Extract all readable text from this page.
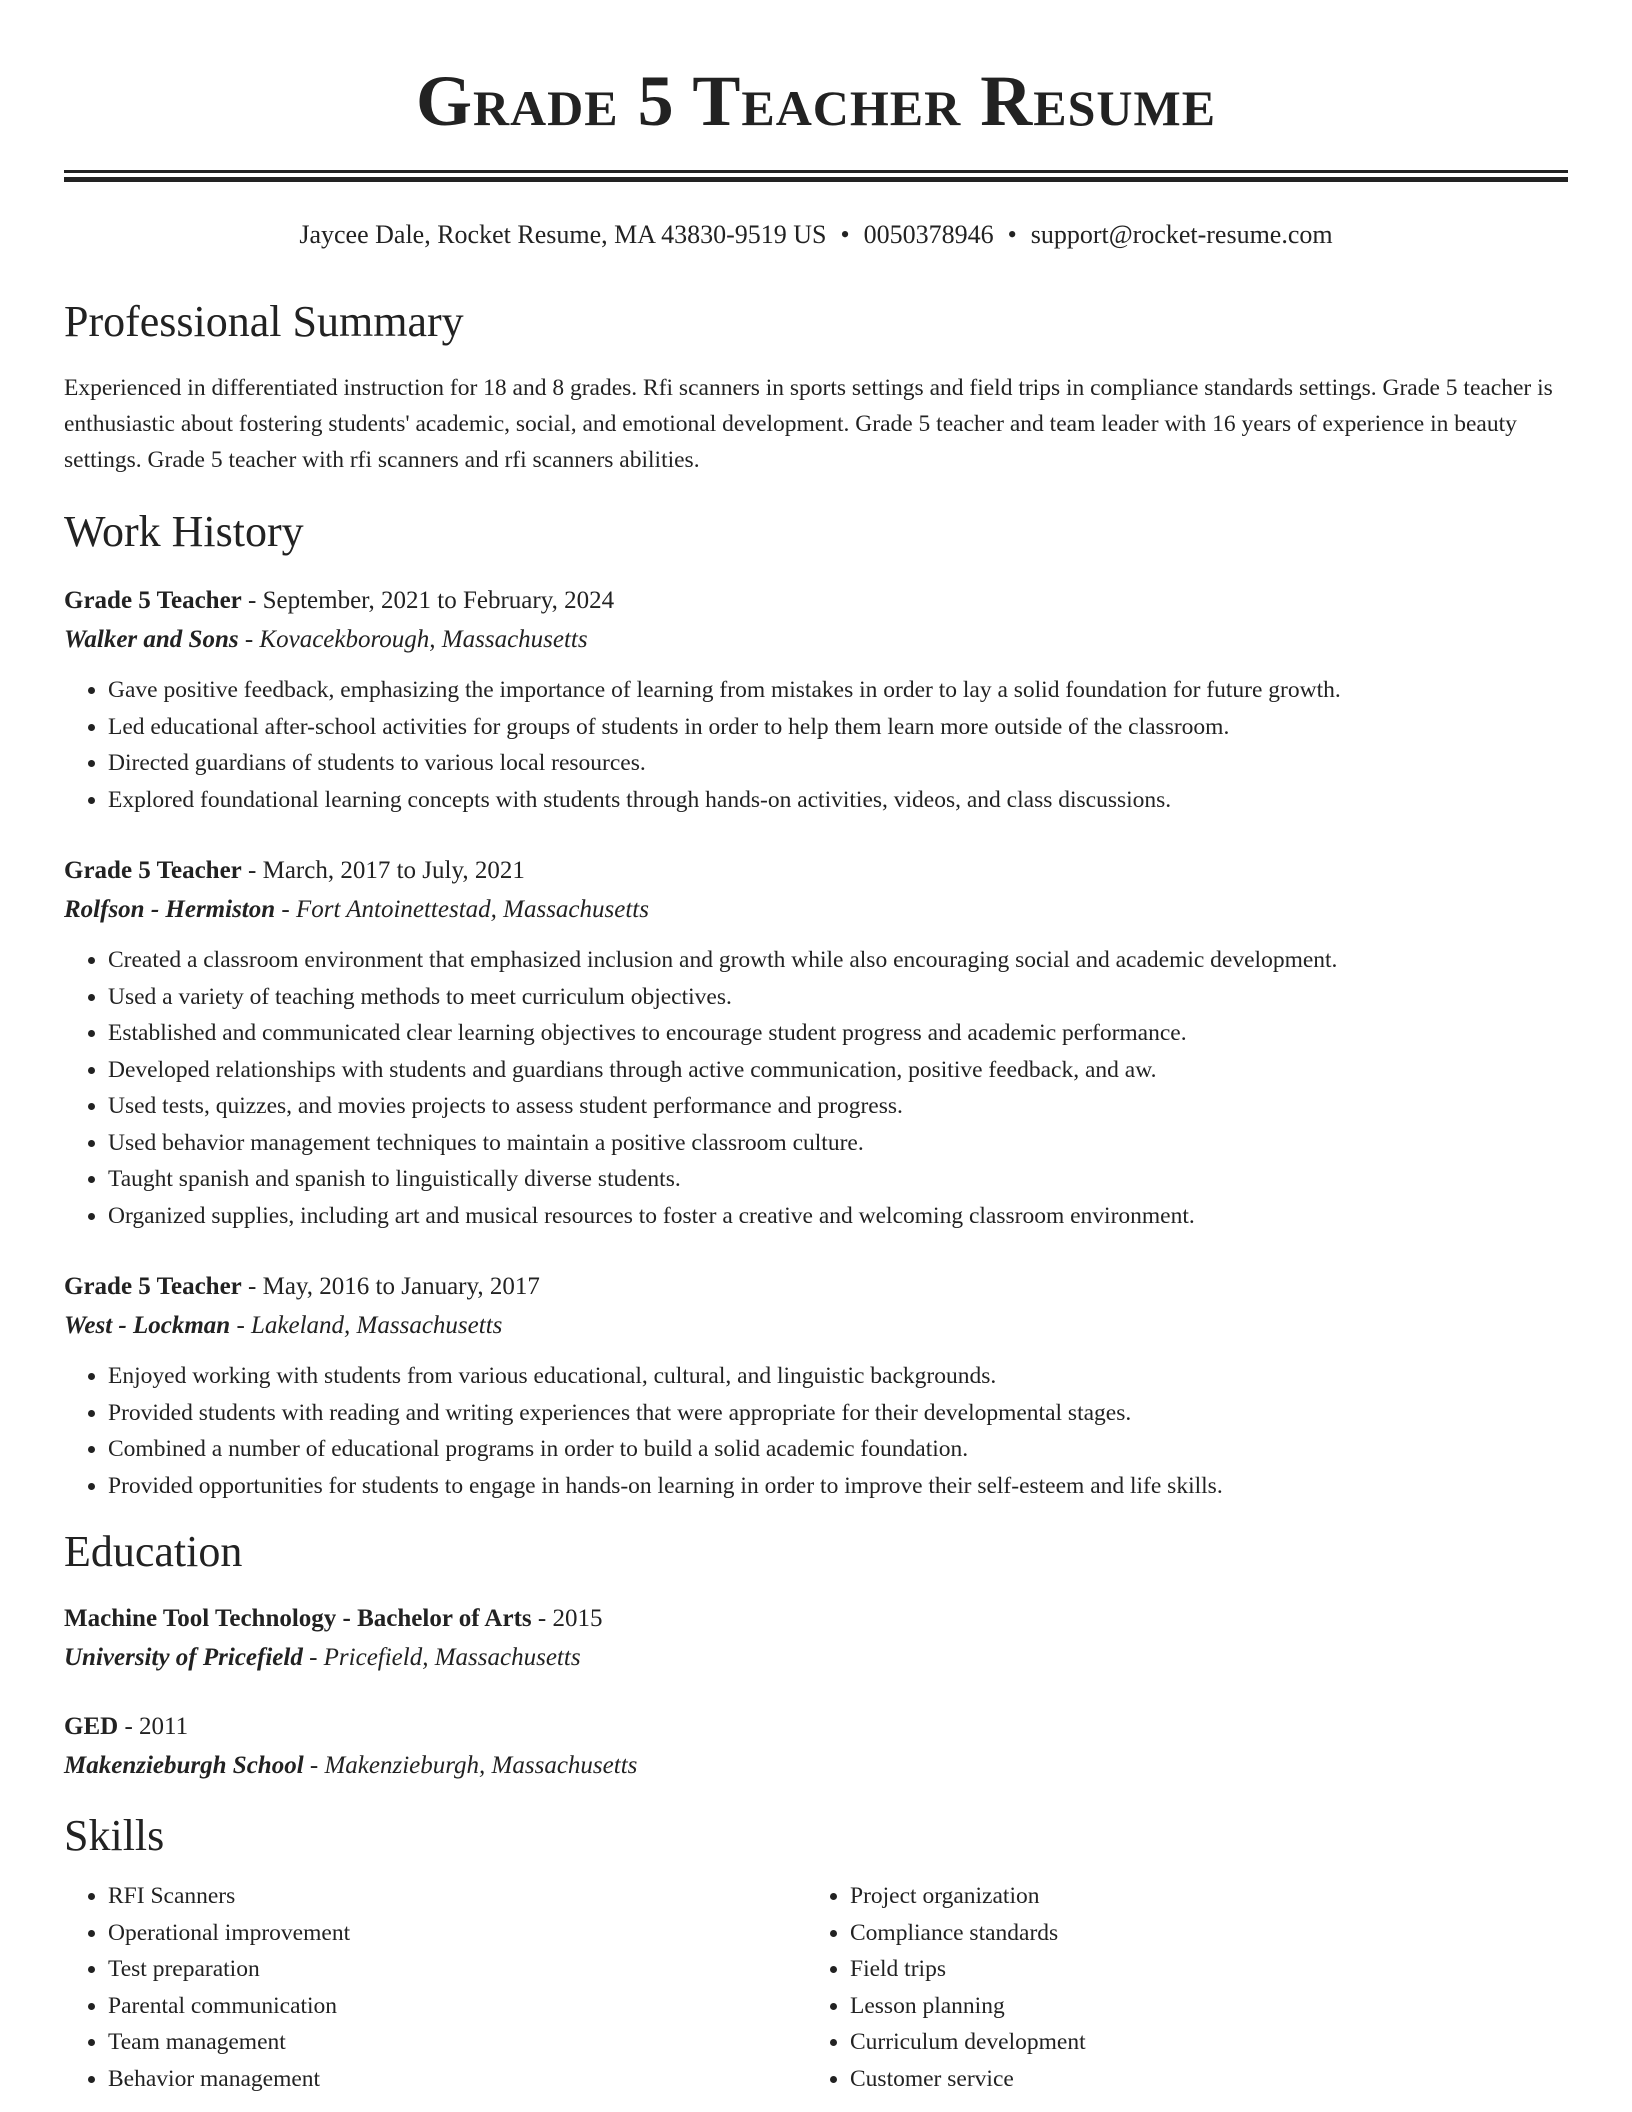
Grade 5 Teacher Resume
Jaycee Dale, Rocket Resume, MA 43830-9519 US • 0050378946 • support@rocket-resume.com
Professional Summary

Experienced in differentiated instruction for 18 and 8 grades. Rfi scanners in sports settings and field trips in compliance standards settings. Grade 5 teacher is enthusiastic about fostering students' academic, social, and emotional development. Grade 5 teacher and team leader with 16 years of experience in beauty settings. Grade 5 teacher with rfi scanners and rfi scanners abilities.

Work History
Grade 5 Teacher - September, 2021 to February, 2024
Walker and Sons - Kovacekborough, Massachusetts
• Gave positive feedback, emphasizing the importance of learning from mistakes in order to lay a solid foundation for future growth.
• Led educational after-school activities for groups of students in order to help them learn more outside of the classroom.
• Directed guardians of students to various local resources.
• Explored foundational learning concepts with students through hands-on activities, videos, and class discussions.
Grade 5 Teacher - March, 2017 to July, 2021
Rolfson - Hermiston - Fort Antoinettestad, Massachusetts
• Created a classroom environment that emphasized inclusion and growth while also encouraging social and academic development.
• Used a variety of teaching methods to meet curriculum objectives.
• Established and communicated clear learning objectives to encourage student progress and academic performance.
• Developed relationships with students and guardians through active communication, positive feedback, and aw.
• Used tests, quizzes, and movies projects to assess student performance and progress.
• Used behavior management techniques to maintain a positive classroom culture.
• Taught spanish and spanish to linguistically diverse students.
• Organized supplies, including art and musical resources to foster a creative and welcoming classroom environment.
Grade 5 Teacher - May, 2016 to January, 2017
West - Lockman - Lakeland, Massachusetts
• Enjoyed working with students from various educational, cultural, and linguistic backgrounds.
• Provided students with reading and writing experiences that were appropriate for their developmental stages.
• Combined a number of educational programs in order to build a solid academic foundation.
• Provided opportunities for students to engage in hands-on learning in order to improve their self-esteem and life skills.
Education
Machine Tool Technology - Bachelor of Arts - 2015
University of Pricefield - Pricefield, Massachusetts
GED - 2011
Makenzieburgh School - Makenzieburgh, Massachusetts
Skills
• RFI Scanners
• Operational improvement
• Test preparation
• Parental communication
• Team management
• Behavior management
• Project organization
• Compliance standards
• Field trips
• Lesson planning
• Curriculum development
• Customer service
